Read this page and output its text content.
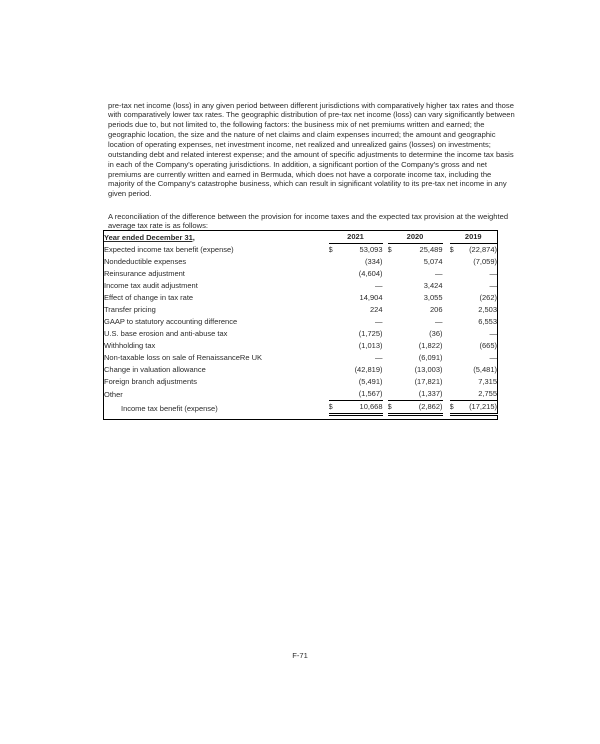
pre-tax net income (loss) in any given period between different jurisdictions with comparatively higher tax rates and those with comparatively lower tax rates. The geographic distribution of pre-tax net income (loss) can vary significantly between periods due to, but not limited to, the following factors: the business mix of net premiums written and earned; the geographic location, the size and the nature of net claims and claim expenses incurred; the amount and geographic location of operating expenses, net investment income, net realized and unrealized gains (losses) on investments; outstanding debt and related interest expense; and the amount of specific adjustments to determine the income tax basis in each of the Company's operating jurisdictions. In addition, a significant portion of the Company's gross and net premiums are currently written and earned in Bermuda, which does not have a corporate income tax, including the majority of the Company's catastrophe business, which can result in significant volatility to its pre-tax net income in any given period.

A reconciliation of the difference between the provision for income taxes and the expected tax provision at the weighted average tax rate is as follows:

Year ended December 31,	2021			2020			2019	
Expected income tax benefit (expense)	$	53,093		$	25,489		$	(22,874)
Nondeductible expenses		(334)			5,074			(7,059)
Reinsurance adjustment		(4,604)			—			—
Income tax audit adjustment		—			3,424			—
Effect of change in tax rate		14,904			3,055			(262)
Transfer pricing		224			206			2,503
GAAP to statutory accounting difference		—			—			6,553
U.S. base erosion and anti-abuse tax		(1,725)			(36)			—
Withholding tax		(1,013)			(1,822)			(665)
Non-taxable loss on sale of RenaissanceRe UK		—			(6,091)			—
Change in valuation allowance		(42,819)			(13,003)			(5,481)
Foreign branch adjustments		(5,491)			(17,821)			7,315
Other		(1,567)			(1,337)			2,755
Income tax benefit (expense)	$	10,668		$	(2,862)		$	(17,215)

F-71
